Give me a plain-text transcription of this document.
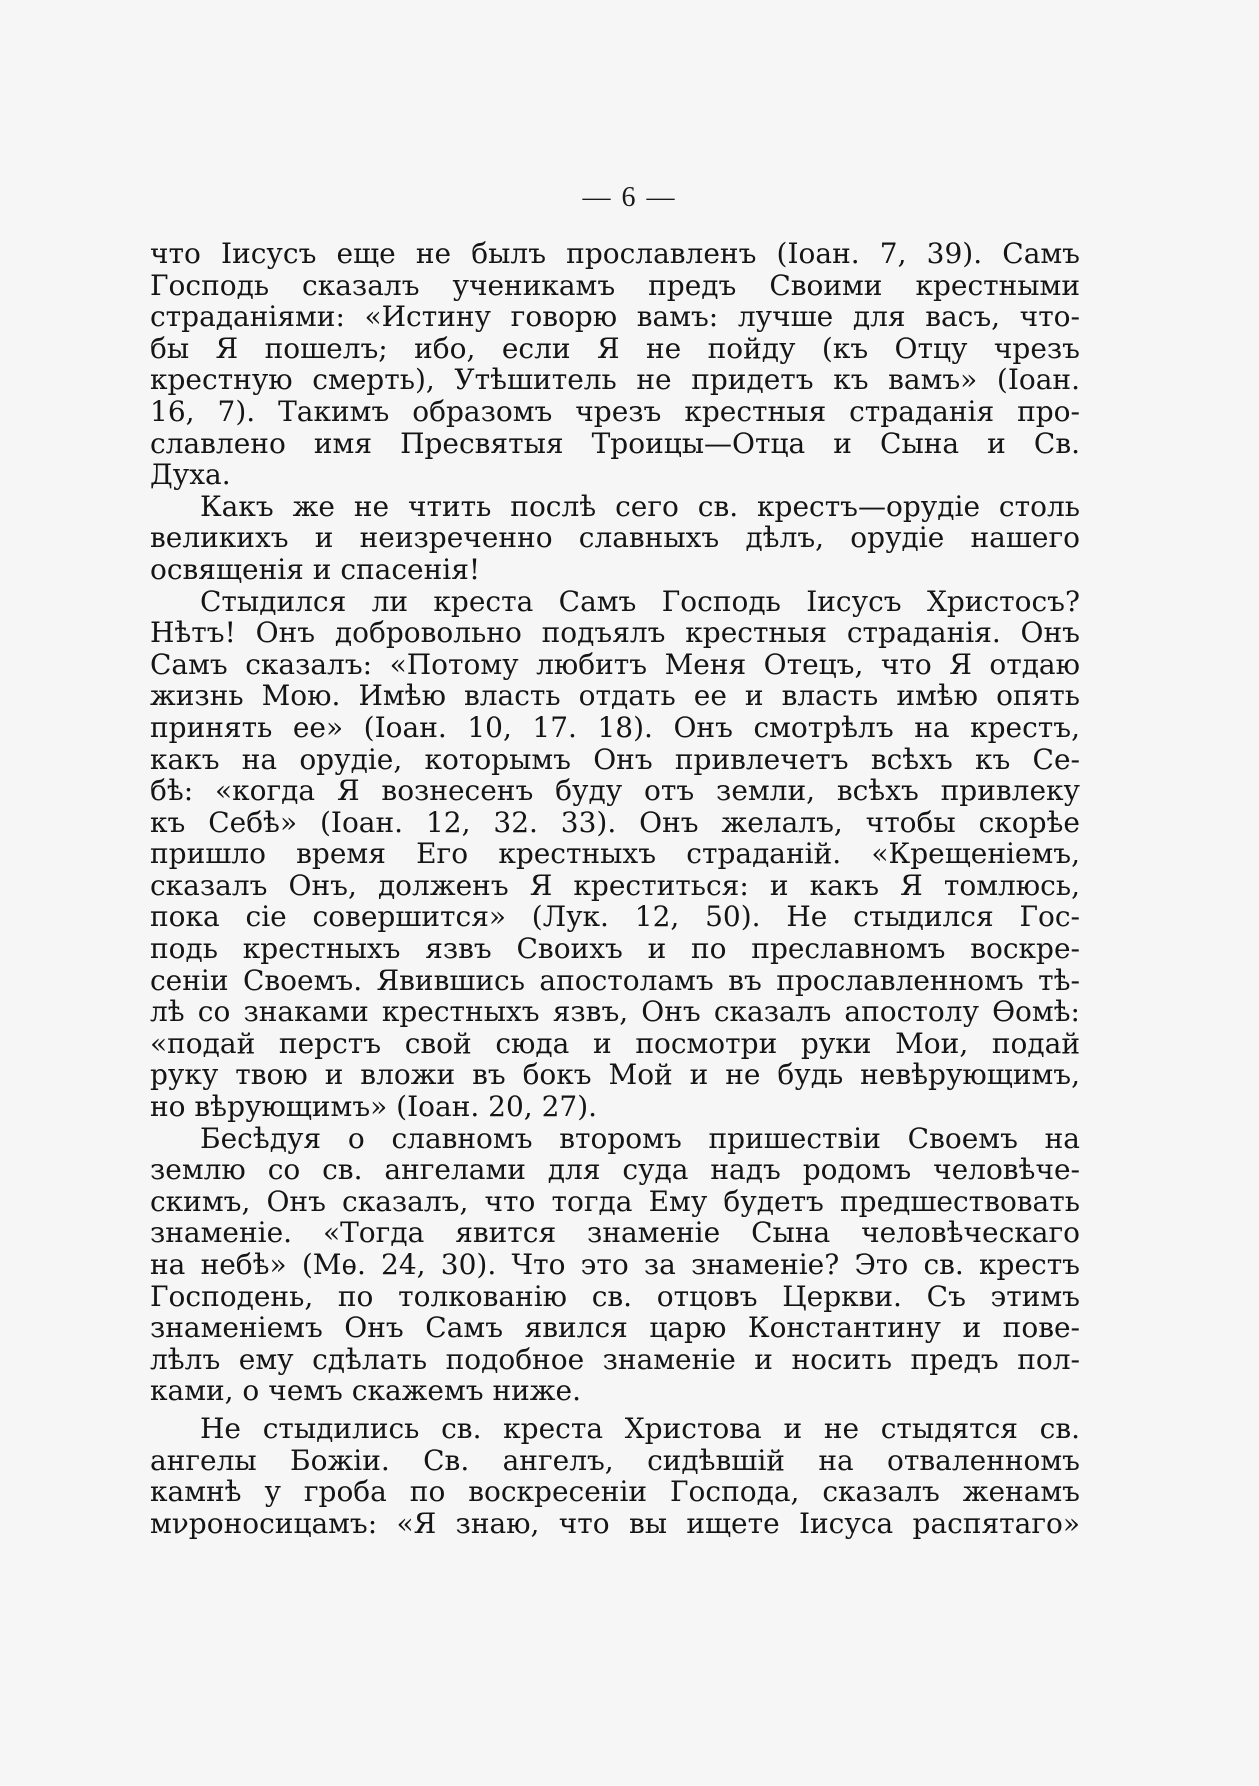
— 6 —
что Іисусъ еще не былъ прославленъ (Іоан. 7, 39). Самъ
Господь сказалъ ученикамъ предъ Своими крестными
страданіями: «Истину говорю вамъ: лучше для васъ, что-
бы Я пошелъ; ибо, если Я не пойду (къ Отцу чрезъ
крестную смерть), Утѣшитель не придетъ къ вамъ» (Іоан.
16, 7). Такимъ образомъ чрезъ крестныя страданія про-
славлено имя Пресвятыя Троицы—Отца и Сына и Св.
Духа.
Какъ же не чтить послѣ сего св. крестъ—орудіе столь
великихъ и неизреченно славныхъ дѣлъ, орудіе нашего
освященія и спасенія!
Стыдился ли креста Самъ Господь Іисусъ Христосъ?
Нѣтъ! Онъ добровольно подъялъ крестныя страданія. Онъ
Самъ сказалъ: «Потому любитъ Меня Отецъ, что Я отдаю
жизнь Мою. Имѣю власть отдать ее и власть имѣю опять
принять ее» (Іоан. 10, 17. 18). Онъ смотрѣлъ на крестъ,
какъ на орудіе, которымъ Онъ привлечетъ всѣхъ къ Се-
бѣ: «когда Я вознесенъ буду отъ земли, всѣхъ привлеку
къ Себѣ» (Іоан. 12, 32. 33). Онъ желалъ, чтобы скорѣе
пришло время Его крестныхъ страданій. «Крещеніемъ,
сказалъ Онъ, долженъ Я креститься: и какъ Я томлюсь,
пока сіе совершится» (Лук. 12, 50). Не стыдился Гос-
подь крестныхъ язвъ Своихъ и по преславномъ воскре-
сеніи Своемъ. Явившись апостоламъ въ прославленномъ тѣ-
лѣ со знаками крестныхъ язвъ, Онъ сказалъ апостолу Ѳомѣ:
«подай перстъ свой сюда и посмотри руки Мои, подай
руку твою и вложи въ бокъ Мой и не будь невѣрующимъ,
но вѣрующимъ» (Іоан. 20, 27).
Бесѣдуя о славномъ второмъ пришествіи Своемъ на
землю со св. ангелами для суда надъ родомъ человѣче-
скимъ, Онъ сказалъ, что тогда Ему будетъ предшествовать
знаменіе. «Тогда явится знаменіе Сына человѣческаго
на небѣ» (Мѳ. 24, 30). Что это за знаменіе? Это св. крестъ
Господень, по толкованію св. отцовъ Церкви. Съ этимъ
знаменіемъ Онъ Самъ явился царю Константину и пове-
лѣлъ ему сдѣлать подобное знаменіе и носить предъ пол-
ками, о чемъ скажемъ ниже.
Не стыдились св. креста Христова и не стыдятся св.
ангелы Божіи. Св. ангелъ, сидѣвшій на отваленномъ
камнѣ у гроба по воскресеніи Господа, сказалъ женамъ
мνроносицамъ: «Я знаю, что вы ищете Іисуса распятаго»
